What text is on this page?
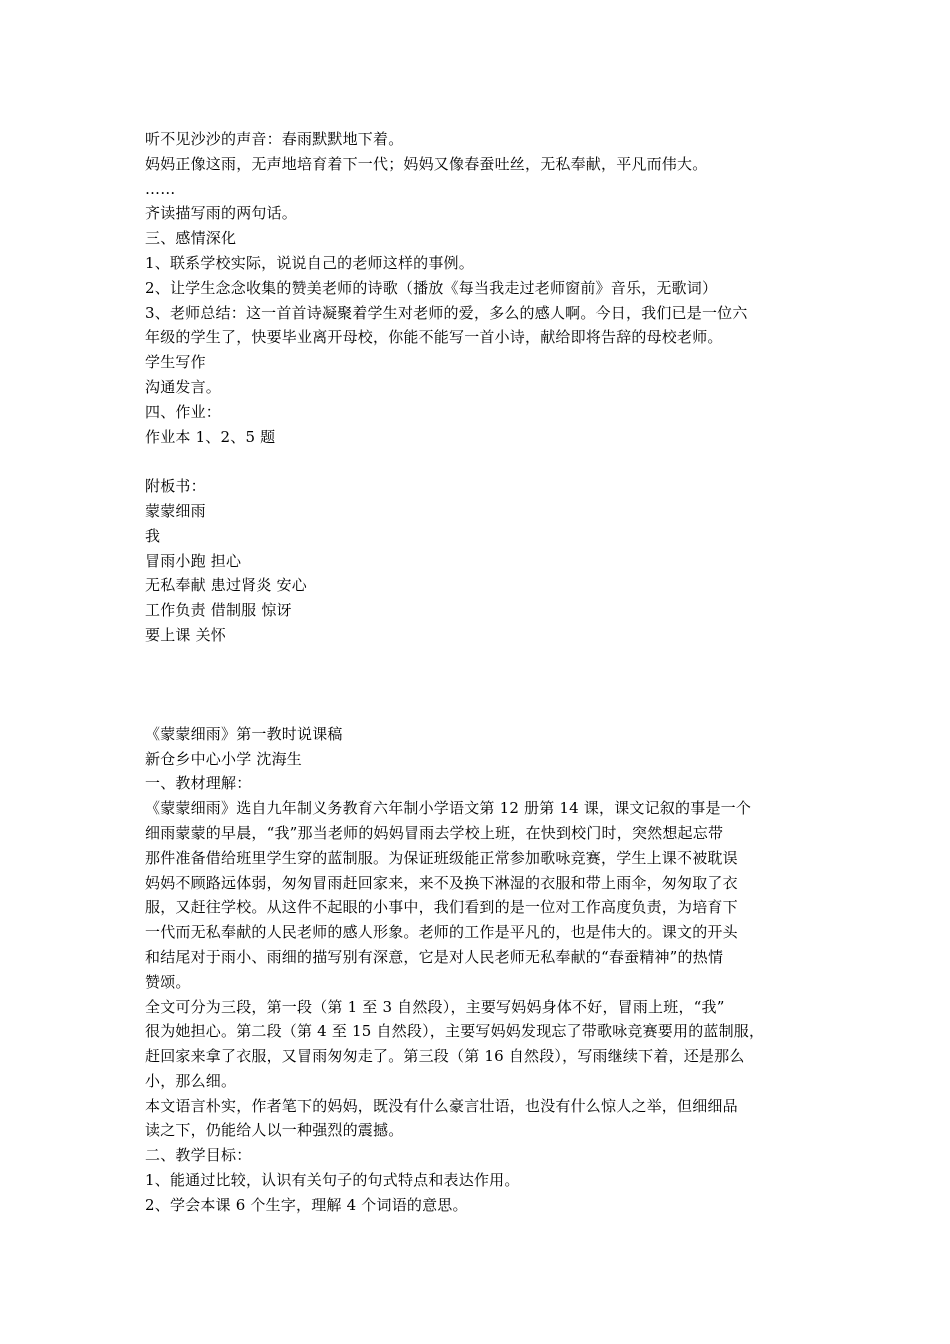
听不见沙沙的声音：春雨默默地下着。
妈妈正像这雨，无声地培育着下一代；妈妈又像春蚕吐丝，无私奉献，平凡而伟大。
……
齐读描写雨的两句话。
三、感情深化
1、联系学校实际，说说自己的老师这样的事例。
2、让学生念念收集的赞美老师的诗歌（播放《每当我走过老师窗前》音乐，无歌词）
3、老师总结：这一首首诗凝聚着学生对老师的爱，多么的感人啊。今日，我们已是一位六
年级的学生了，快要毕业离开母校，你能不能写一首小诗，献给即将告辞的母校老师。
学生写作
沟通发言。
四、作业：
作业本 1、2、5 题
附板书：
蒙蒙细雨
我
冒雨小跑 担心
无私奉献 患过肾炎 安心
工作负责 借制服 惊讶
要上课 关怀
《蒙蒙细雨》第一教时说课稿
新仓乡中心小学 沈海生
一、教材理解：
《蒙蒙细雨》选自九年制义务教育六年制小学语文第 12 册第 14 课，课文记叙的事是一个
细雨蒙蒙的早晨，“我”那当老师的妈妈冒雨去学校上班，在快到校门时，突然想起忘带
那件准备借给班里学生穿的蓝制服。为保证班级能正常参加歌咏竞赛，学生上课不被耽误
妈妈不顾路远体弱，匆匆冒雨赶回家来，来不及换下淋湿的衣服和带上雨伞，匆匆取了衣
服，又赶往学校。从这件不起眼的小事中，我们看到的是一位对工作高度负责，为培育下
一代而无私奉献的人民老师的感人形象。老师的工作是平凡的，也是伟大的。课文的开头
和结尾对于雨小、雨细的描写别有深意，它是对人民老师无私奉献的“春蚕精神”的热情
赞颂。
全文可分为三段，第一段（第 1 至 3 自然段），主要写妈妈身体不好，冒雨上班，“我”
很为她担心。第二段（第 4 至 15 自然段），主要写妈妈发现忘了带歌咏竞赛要用的蓝制服，
赶回家来拿了衣服，又冒雨匆匆走了。第三段（第 16 自然段），写雨继续下着，还是那么
小，那么细。
本文语言朴实，作者笔下的妈妈，既没有什么豪言壮语，也没有什么惊人之举，但细细品
读之下，仍能给人以一种强烈的震撼。
二、教学目标：
1、能通过比较，认识有关句子的句式特点和表达作用。
2、学会本课 6 个生字，理解 4 个词语的意思。
